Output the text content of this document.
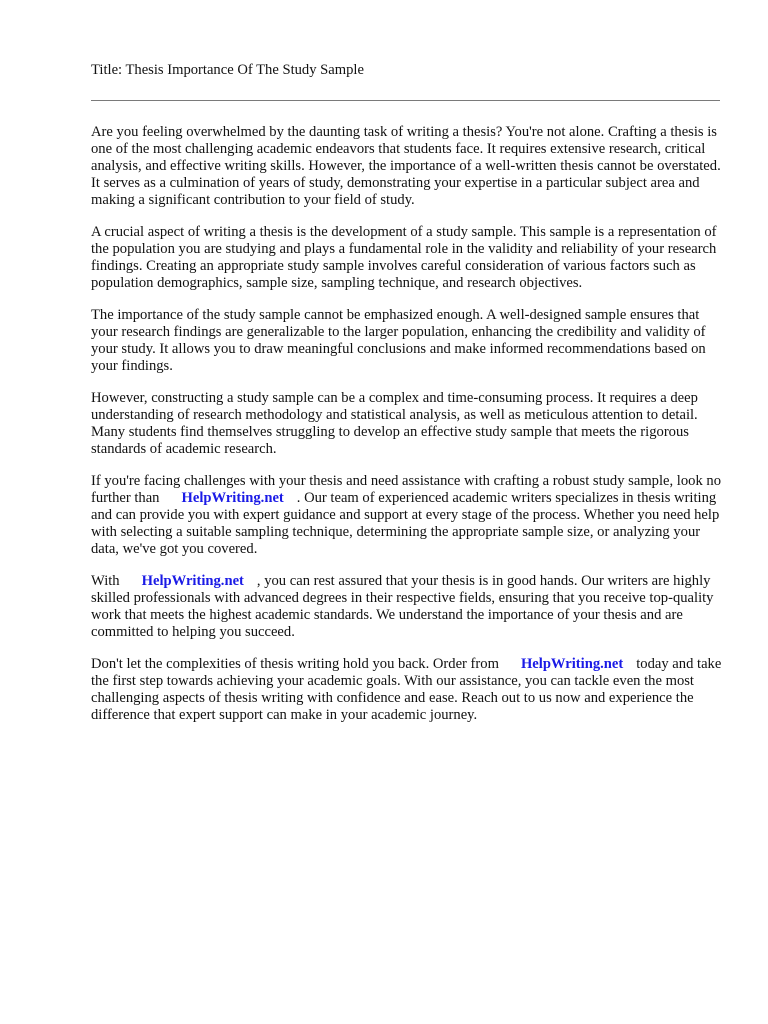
Title: Thesis Importance Of The Study Sample

Are you feeling overwhelmed by the daunting task of writing a thesis? You're not alone. Crafting a thesis is one of the most challenging academic endeavors that students face. It requires extensive research, critical analysis, and effective writing skills. However, the importance of a well-written thesis cannot be overstated. It serves as a culmination of years of study, demonstrating your expertise in a particular subject area and making a significant contribution to your field of study.

A crucial aspect of writing a thesis is the development of a study sample. This sample is a representation of the population you are studying and plays a fundamental role in the validity and reliability of your research findings. Creating an appropriate study sample involves careful consideration of various factors such as population demographics, sample size, sampling technique, and research objectives.

The importance of the study sample cannot be emphasized enough. A well-designed sample ensures that your research findings are generalizable to the larger population, enhancing the credibility and validity of your study. It allows you to draw meaningful conclusions and make informed recommendations based on your findings.

However, constructing a study sample can be a complex and time-consuming process. It requires a deep understanding of research methodology and statistical analysis, as well as meticulous attention to detail. Many students find themselves struggling to develop an effective study sample that meets the rigorous standards of academic research.

If you're facing challenges with your thesis and need assistance with crafting a robust study sample, look no further than HelpWriting.net . Our team of experienced academic writers specializes in thesis writing and can provide you with expert guidance and support at every stage of the process. Whether you need help with selecting a suitable sampling technique, determining the appropriate sample size, or analyzing your data, we've got you covered.

With HelpWriting.net , you can rest assured that your thesis is in good hands. Our writers are highly skilled professionals with advanced degrees in their respective fields, ensuring that you receive top-quality work that meets the highest academic standards. We understand the importance of your thesis and are committed to helping you succeed.

Don't let the complexities of thesis writing hold you back. Order from HelpWriting.net today and take the first step towards achieving your academic goals. With our assistance, you can tackle even the most challenging aspects of thesis writing with confidence and ease. Reach out to us now and experience the difference that expert support can make in your academic journey.
